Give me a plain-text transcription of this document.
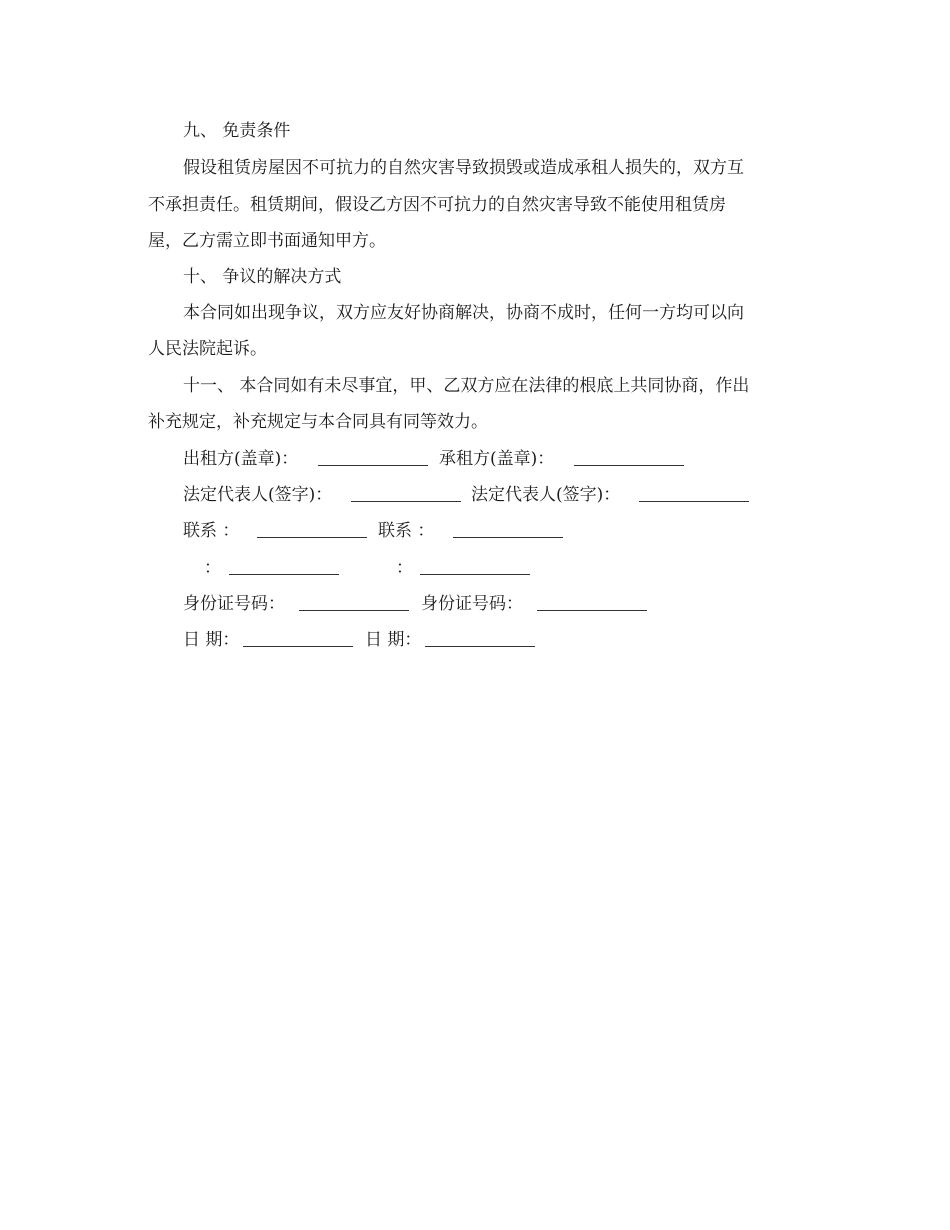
九、 免责条件
假设租赁房屋因不可抗力的自然灾害导致损毁或造成承租人损失的，双方互
不承担责任。租赁期间，假设乙方因不可抗力的自然灾害导致不能使用租赁房
屋，乙方需立即书面通知甲方。
十、 争议的解决方式
本合同如出现争议，双方应友好协商解决，协商不成时，任何一方均可以向
人民法院起诉。
十一、 本合同如有未尽事宜，甲、乙双方应在法律的根底上共同协商，作出
补充规定，补充规定与本合同具有同等效力。
出租方(盖章)：	承租方(盖章)：
法定代表人(签字)：	法定代表人(签字)：
联系 ：	联系 ：
：	：
身份证号码：	身份证号码：
日 期：	日 期：
